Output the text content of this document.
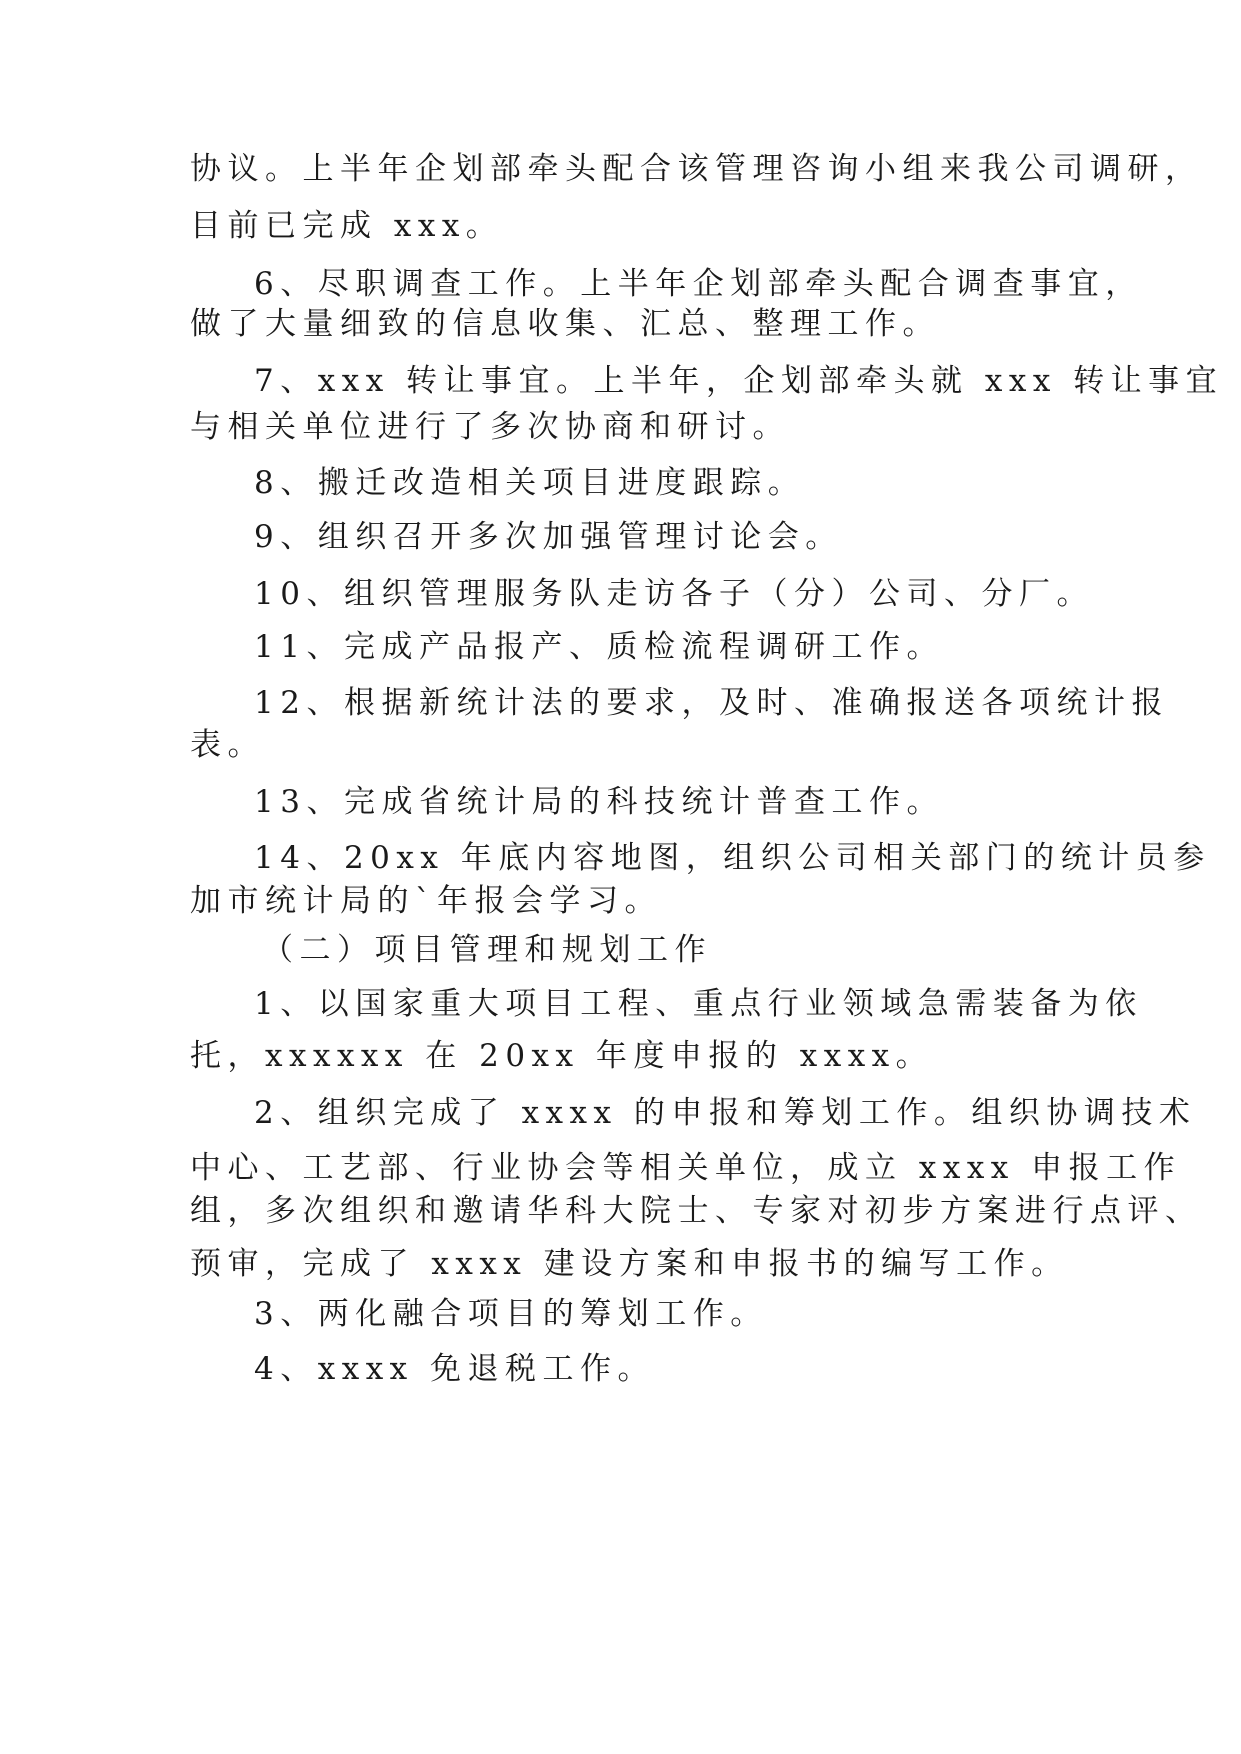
协议。上半年企划部牵头配合该管理咨询小组来我公司调研，
目前已完成 xxx。
6、尽职调查工作。上半年企划部牵头配合调查事宜，
做了大量细致的信息收集、汇总、整理工作。
7、xxx 转让事宜。上半年，企划部牵头就 xxx 转让事宜
与相关单位进行了多次协商和研讨。
8、搬迁改造相关项目进度跟踪。
9、组织召开多次加强管理讨论会。
10、组织管理服务队走访各子（分）公司、分厂。
11、完成产品报产、质检流程调研工作。
12、根据新统计法的要求，及时、准确报送各项统计报
表。
13、完成省统计局的科技统计普查工作。
14、20xx 年底内容地图，组织公司相关部门的统计员参
加市统计局的`年报会学习。
（二）项目管理和规划工作
1、以国家重大项目工程、重点行业领域急需装备为依
托，xxxxxx 在 20xx 年度申报的 xxxx。
2、组织完成了 xxxx 的申报和筹划工作。组织协调技术
中心、工艺部、行业协会等相关单位，成立 xxxx 申报工作
组，多次组织和邀请华科大院士、专家对初步方案进行点评、
预审，完成了 xxxx 建设方案和申报书的编写工作。
3、两化融合项目的筹划工作。
4、xxxx 免退税工作。
